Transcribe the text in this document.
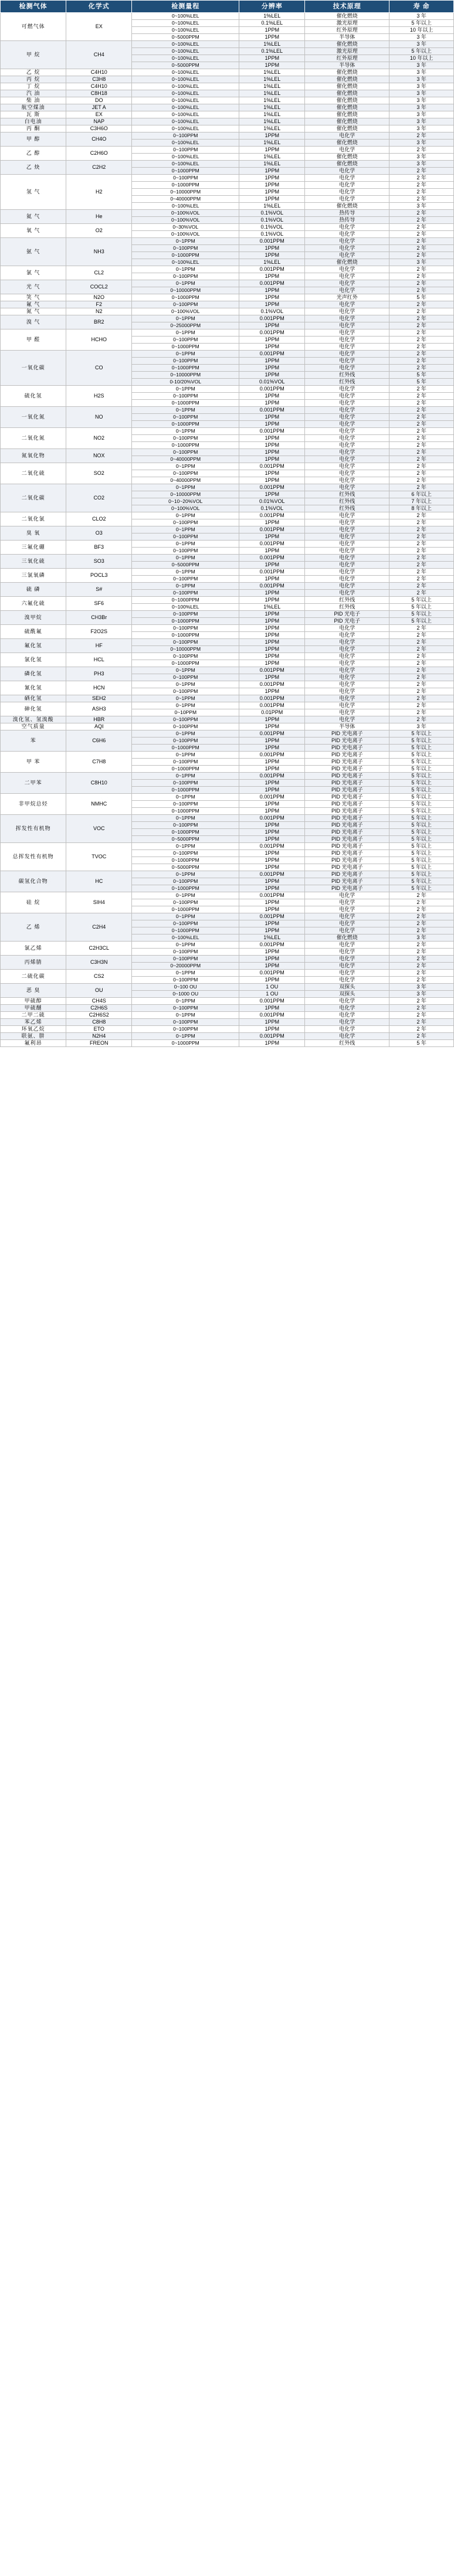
检测气体	化学式	检测量程	分辨率	技术原理	寿 命
可燃气体	EX	0~100%LEL	1%LEL	催化燃烧	3 年
		0~100%LEL	0.1%LEL	激光原理	5 年以上
		0~100%LEL	1PPM	红外原理	10 年以上
		0~5000PPM	1PPM	半导体	3 年
甲 烷	CH4	0~100%LEL	1%LEL	催化燃烧	3 年
		0~100%LEL	0.1%LEL	激光原理	5 年以上
		0~100%LEL	1PPM	红外原理	10 年以上
		0~5000PPM	1PPM	半导体	3 年
乙 烷	C4H10	0~100%LEL	1%LEL	催化燃烧	3 年
丙 烷	C3H8	0~100%LEL	1%LEL	催化燃烧	3 年
丁 烷	C4H10	0~100%LEL	1%LEL	催化燃烧	3 年
汽 油	C8H18	0~100%LEL	1%LEL	催化燃烧	3 年
柴 油	DO	0~100%LEL	1%LEL	催化燃烧	3 年
航空煤油	JET A	0~100%LEL	1%LEL	催化燃烧	3 年
瓦 斯	EX	0~100%LEL	1%LEL	催化燃烧	3 年
白电油	NAP	0~100%LEL	1%LEL	催化燃烧	3 年
丙 酮	C3H6O	0~100%LEL	1%LEL	催化燃烧	3 年
甲 醇	CH4O	0~100PPM	1PPM	电化学	2 年
		0~100%LEL	1%LEL	催化燃烧	3 年
乙 醇	C2H6O	0~100PPM	1PPM	电化学	2 年
		0~100%LEL	1%LEL	催化燃烧	3 年
乙 炔	C2H2	0~100%LEL	1%LEL	催化燃烧	3 年
		0~1000PPM	1PPM	电化学	2 年
氢 气	H2	0~100PPM	1PPM	电化学	2 年
		0~1000PPM	1PPM	电化学	2 年
		0~10000PPM	1PPM	电化学	2 年
		0~40000PPM	1PPM	电化学	2 年
		0~100%LEL	1%LEL	催化燃烧	3 年
氦 气	He	0~100%VOL	0.1%VOL	热传导	2 年
		0~100%VOL	0.1%VOL	热传导	2 年
氧 气	O2	0~30%VOL	0.1%VOL	电化学	2 年
		0~100%VOL	0.1%VOL	电化学	2 年
氨 气	NH3	0~1PPM	0.001PPM	电化学	2 年
		0~100PPM	1PPM	电化学	2 年
		0~1000PPM	1PPM	电化学	2 年
		0~100%LEL	1%LEL	催化燃烧	3 年
氯 气	CL2	0~1PPM	0.001PPM	电化学	2 年
		0~100PPM	1PPM	电化学	2 年
光 气	COCL2	0~1PPM	0.001PPM	电化学	2 年
		0~10000PPM	1PPM	电化学	2 年
笑 气	N2O	0~1000PPM	1PPM	光声红外	5 年
氟 气	F2	0~100PPM	1PPM	电化学	2 年
氮 气	N2	0~100%VOL	0.1%VOL	电化学	2 年
溴 气	BR2	0~1PPM	0.001PPM	电化学	2 年
		0~25000PPM	1PPM	电化学	2 年
甲 醛	HCHO	0~1PPM	0.001PPM	电化学	2 年
		0~100PPM	1PPM	电化学	2 年
		0~1000PPM	1PPM	电化学	2 年
一氧化碳	CO	0~1PPM	0.001PPM	电化学	2 年
		0~100PPM	1PPM	电化学	2 年
		0~1000PPM	1PPM	电化学	2 年
		0~10000PPM	1PPM	红外线	5 年
		0-10/20%VOL	0.01%VOL	红外线	5 年
硫化氢	H2S	0~1PPM	0.001PPM	电化学	2 年
		0~100PPM	1PPM	电化学	2 年
		0~1000PPM	1PPM	电化学	2 年
一氧化氮	NO	0~1PPM	0.001PPM	电化学	2 年
		0~100PPM	1PPM	电化学	2 年
		0~1000PPM	1PPM	电化学	2 年
二氧化氮	NO2	0~1PPM	0.001PPM	电化学	2 年
		0~100PPM	1PPM	电化学	2 年
		0~1000PPM	1PPM	电化学	2 年
氮氧化物	NOX	0~100PPM	1PPM	电化学	2 年
		0~40000PPM	1PPM	电化学	2 年
二氧化硫	SO2	0~1PPM	0.001PPM	电化学	2 年
		0~100PPM	1PPM	电化学	2 年
		0~40000PPM	1PPM	电化学	2 年
二氧化碳	CO2	0~1PPM	0.001PPM	电化学	2 年
		0~10000PPM	1PPM	红外线	6 年以上
		0~10~20%VOL	0.01%VOL	红外线	7 年以上
		0~100%VOL	0.1%VOL	红外线	8 年以上
二氧化氯	CLO2	0~1PPM	0.001PPM	电化学	2 年
		0~100PPM	1PPM	电化学	2 年
臭 氧	O3	0~1PPM	0.001PPM	电化学	2 年
		0~100PPM	1PPM	电化学	2 年
三氟化硼	BF3	0~1PPM	0.001PPM	电化学	2 年
		0~100PPM	1PPM	电化学	2 年
三氧化硫	SO3	0~1PPM	0.001PPM	电化学	2 年
		0~5000PPM	1PPM	电化学	2 年
三氯氧磷	POCL3	0~1PPM	0.001PPM	电化学	2 年
		0~100PPM	1PPM	电化学	2 年
硫 磷	S#	0~1PPM	0.001PPM	电化学	2 年
		0~100PPM	1PPM	电化学	2 年
六氟化硫	SF6	0~1000PPM	1PPM	红外线	5 年以上
		0~100%LEL	1%LEL	红外线	5 年以上
溴甲烷	CH3Br	0~100PPM	1PPM	PID 光电子	5 年以上
		0~1000PPM	1PPM	PID 光电子	5 年以上
硫酰氟	F2O2S	0~100PPM	1PPM	电化学	2 年
		0~1000PPM	1PPM	电化学	2 年
氟化氢	HF	0~100PPM	1PPM	电化学	2 年
		0~10000PPM	1PPM	电化学	2 年
氯化氢	HCL	0~100PPM	1PPM	电化学	2 年
		0~1000PPM	1PPM	电化学	2 年
磷化氢	PH3	0~1PPM	0.001PPM	电化学	2 年
		0~100PPM	1PPM	电化学	2 年
氰化氢	HCN	0~1PPM	0.001PPM	电化学	2 年
		0~100PPM	1PPM	电化学	2 年
硒化氢	SEH2	0~1PPM	0.001PPM	电化学	2 年
砷化氢	ASH3	0~1PPM	0.001PPM	电化学	2 年
		0~10PPM	0.01PPM	电化学	2 年
溴化氢、氢溴酸	HBR	0~100PPM	1PPM	电化学	2 年
空气质量	AQI	0~100PPM	1PPM	半导体	3 年
苯	C6H6	0~1PPM	0.001PPM	PID 光电离子	5 年以上
		0~100PPM	1PPM	PID 光电离子	5 年以上
		0~1000PPM	1PPM	PID 光电离子	5 年以上
甲 苯	C7H8	0~1PPM	0.001PPM	PID 光电离子	5 年以上
		0~100PPM	1PPM	PID 光电离子	5 年以上
		0~1000PPM	1PPM	PID 光电离子	5 年以上
二甲苯	C8H10	0~1PPM	0.001PPM	PID 光电离子	5 年以上
		0~100PPM	1PPM	PID 光电离子	5 年以上
		0~1000PPM	1PPM	PID 光电离子	5 年以上
非甲烷总烃	NMHC	0~1PPM	0.001PPM	PID 光电离子	5 年以上
		0~100PPM	1PPM	PID 光电离子	5 年以上
		0~1000PPM	1PPM	PID 光电离子	5 年以上
挥发性有机物	VOC	0~1PPM	0.001PPM	PID 光电离子	5 年以上
		0~100PPM	1PPM	PID 光电离子	5 年以上
		0~1000PPM	1PPM	PID 光电离子	5 年以上
		0~5000PPM	1PPM	PID 光电离子	5 年以上
总挥发性有机物	TVOC	0~1PPM	0.001PPM	PID 光电离子	5 年以上
		0~100PPM	1PPM	PID 光电离子	5 年以上
		0~1000PPM	1PPM	PID 光电离子	5 年以上
		0~5000PPM	1PPM	PID 光电离子	5 年以上
碳氢化合物	HC	0~1PPM	0.001PPM	PID 光电离子	5 年以上
		0~100PPM	1PPM	PID 光电离子	5 年以上
		0~1000PPM	1PPM	PID 光电离子	5 年以上
硅 烷	SIH4	0~1PPM	0.001PPM	电化学	2 年
		0~100PPM	1PPM	电化学	2 年
		0~1000PPM	1PPM	电化学	2 年
乙 烯	C2H4	0~1PPM	0.001PPM	电化学	2 年
		0~100PPM	1PPM	电化学	2 年
		0~1000PPM	1PPM	电化学	2 年
		0~100%LEL	1%LEL	催化燃烧	3 年
氯乙烯	C2H3CL	0~1PPM	0.001PPM	电化学	2 年
		0~100PPM	1PPM	电化学	2 年
丙烯腈	C3H3N	0~100PPM	1PPM	电化学	2 年
		0~20000PPM	1PPM	电化学	2 年
二硫化碳	CS2	0~1PPM	0.001PPM	电化学	2 年
		0~100PPM	1PPM	电化学	2 年
恶 臭	OU	0~100 OU	1 OU	双探头	3 年
		0~1000 OU	1 OU	双探头	3 年
甲硫醇	CH4S	0~1PPM	0.001PPM	电化学	2 年
甲硫醚	C2H6S	0~100PPM	1PPM	电化学	2 年
二甲二硫	C2H6S2	0~1PPM	0.001PPM	电化学	2 年
苯乙烯	C8H8	0~100PPM	1PPM	电化学	2 年
环氧乙烷	ETO	0~100PPM	1PPM	电化学	2 年
联氨、肼	N2H4	0~1PPM	0.001PPM	电化学	2 年
氟利昂	FREON	0~1000PPM	1PPM	红外线	5 年
